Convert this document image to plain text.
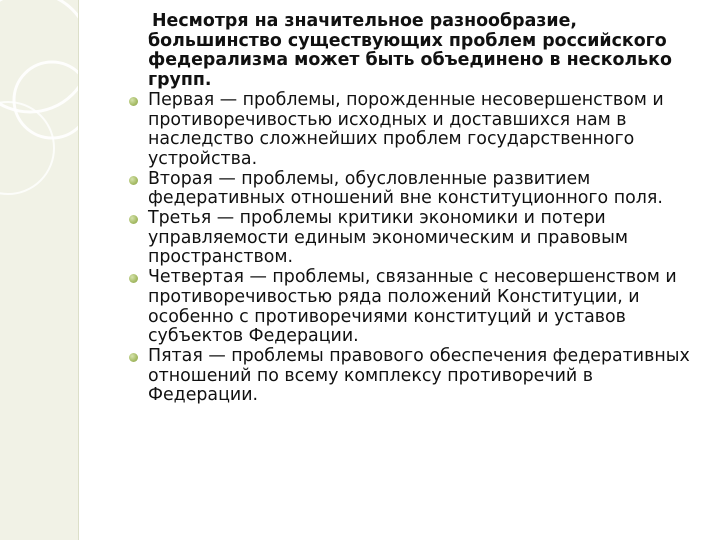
Несмотря на значительное разнообразие, большинство существующих проблем российского федерализма может быть объединено в несколько групп.

Первая — проблемы, порожденные несовершенством и противоречивостью исходных и доставшихся нам в наследство сложнейших проблем государственного устройства.
Вторая — проблемы, обусловленные развитием федеративных отношений вне конституционного поля.
Третья — проблемы критики экономики и потери управляемости единым экономическим и правовым пространством.
Четвертая — проблемы, связанные с несовершенством и противоречивостью ряда положений Конституции, и особенно с противоречиями конституций и уставов субъектов Федерации.
Пятая — проблемы правового обеспечения федеративных отношений по всему комплексу противоречий в Федерации.
